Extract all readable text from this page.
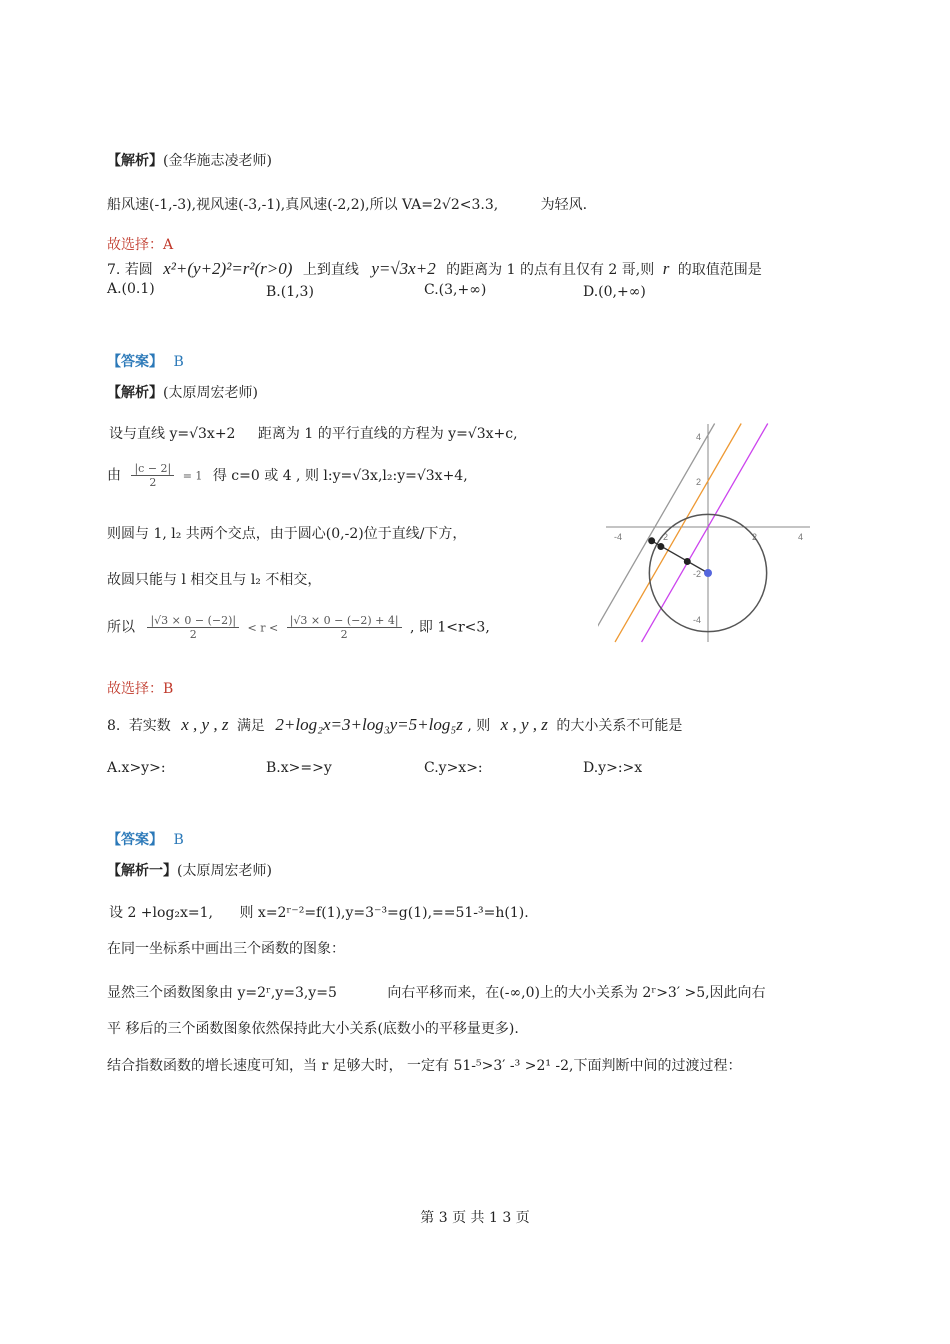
【解析】(金华施志凌老师)
船风速(-1,-3),视风速(-3,-1),真风速(-2,2),所以 VA=2√2<3.3,	为轻风.
故选择：A
7. 若圆 x²+(y+2)²=r²(r>0) 上到直线 y=√3x+2 的距离为 1 的点有且仅有 2 哥,则 r 的取值范围是
A.(0.1)	B.(1,3)	C.(3,+∞)	D.(0,+∞)
【答案】 B
【解析】(太原周宏老师)
设与直线 y=√3x+2 距离为 1 的平行直线的方程为 y=√3x+c,
由 $\frac{|c - 2|}{2} = 1$ 得 c=0 或 4 , 则 l:y=√3x,l₂:y=√3x+4,
则圆与 1, l₂ 共两个交点，由于圆心(0,-2)位于直线/下方，
故圆只能与 l 相交且与 l₂ 不相交，
所以 $\frac{|√3 \times 0 - (-2)|}{2} < r < \frac{|√3 \times 0 - (-2) + 4|}{2}$ , 即 1<r<3,
故选择：B
-4	-2	2	4
4
2
-2
-4
8. 若实数 x , y , z 满足 2+log₂x=3+log₃y=5+log₅z , 则 x , y , z 的大小关系不可能是
A.x>y>:	B.x>=>y	C.y>x>:	D.y>:>x
【答案】 B
【解析一】(太原周宏老师)
设 2 +log₂x=1, 则 x=2ʳ⁻²=f(1),y=3⁻³=g(1),==51-³=h(1).
在同一坐标系中画出三个函数的图象：
显然三个函数图象由 y=2ʳ,y=3,y=5	向右平移而来，在(-∞,0)上的大小关系为 2ʳ>3′ >5,因此向右
平 移后的三个函数图象依然保持此大小关系(底数小的平移量更多).
结合指数函数的增长速度可知，当 r 足够大时， 一定有 51-⁵>3′ -³ >2¹ -2,下面判断中间的过渡过程：
第 3 页 共 1 3 页
